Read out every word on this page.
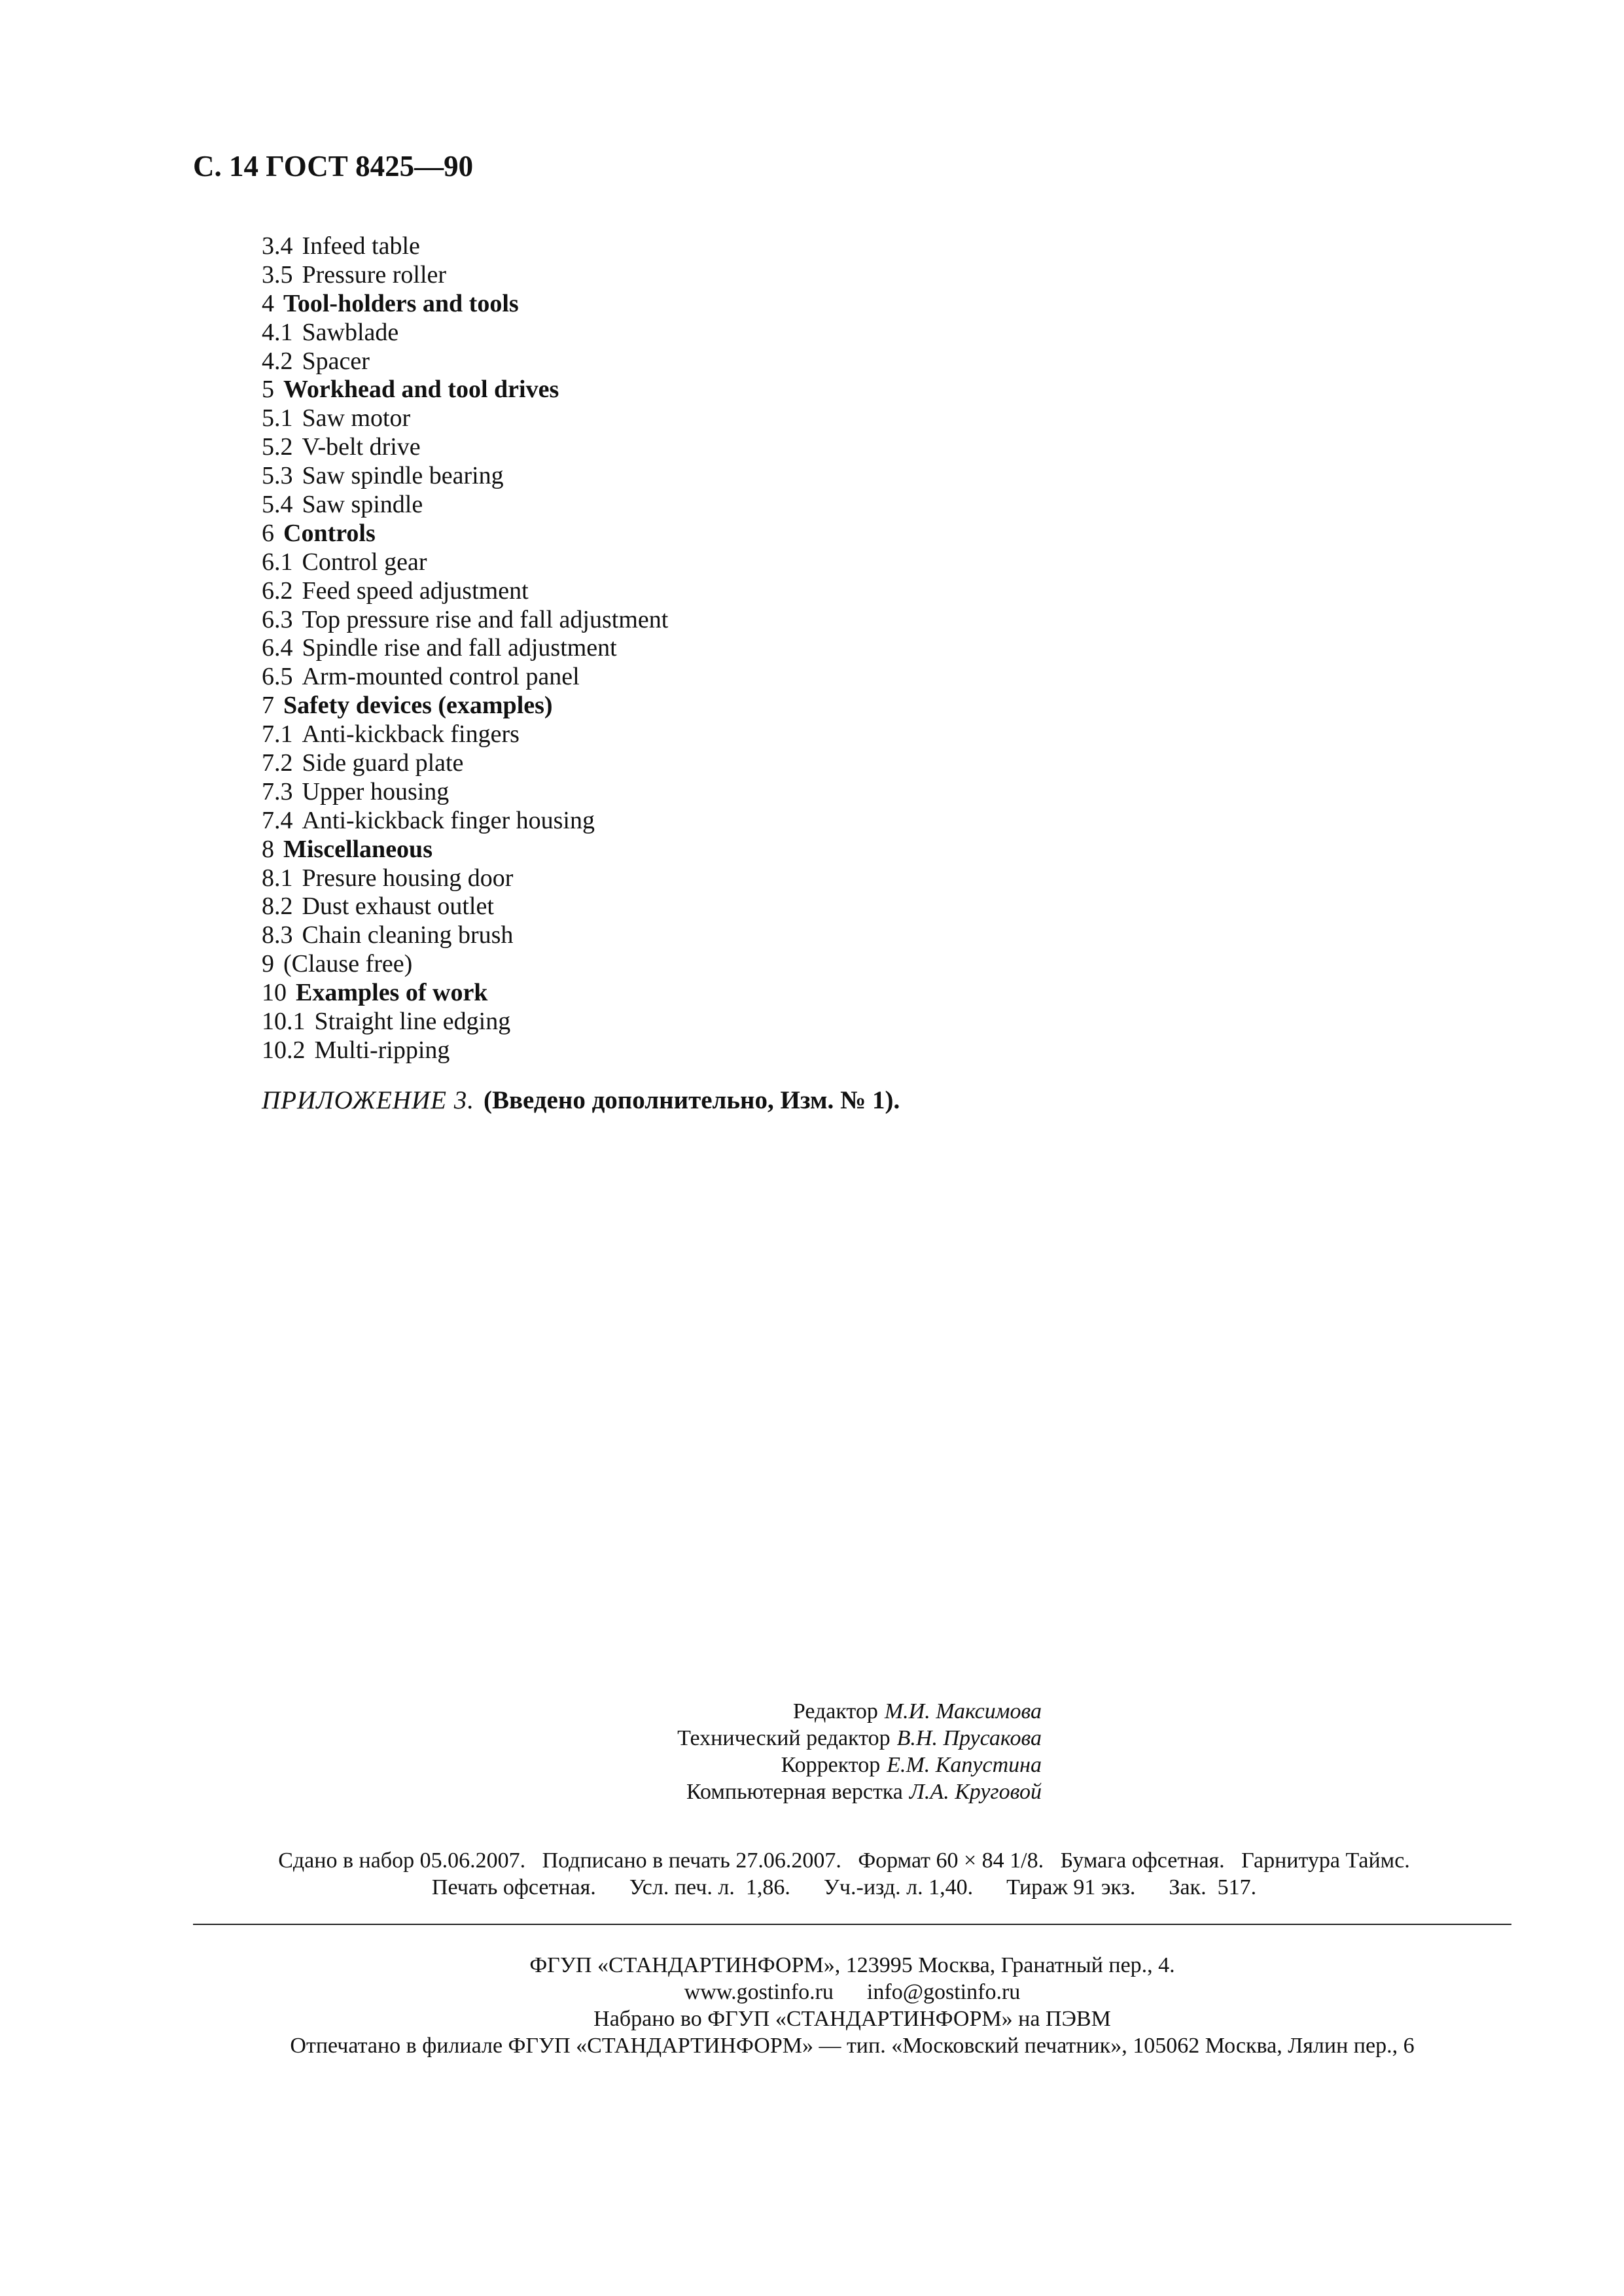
С. 14 ГОСТ 8425—90
3.4 Infeed table
3.5 Pressure roller
4 Tool-holders and tools
4.1 Sawblade
4.2 Spacer
5 Workhead and tool drives
5.1 Saw motor
5.2 V-belt drive
5.3 Saw spindle bearing
5.4 Saw spindle
6 Controls
6.1 Control gear
6.2 Feed speed adjustment
6.3 Top pressure rise and fall adjustment
6.4 Spindle rise and fall adjustment
6.5 Arm-mounted control panel
7 Safety devices (examples)
7.1 Anti-kickback fingers
7.2 Side guard plate
7.3 Upper housing
7.4 Anti-kickback finger housing
8 Miscellaneous
8.1 Presure housing door
8.2 Dust exhaust outlet
8.3 Chain cleaning brush
9 (Clause free)
10 Examples of work
10.1 Straight line edging
10.2 Multi-ripping
ПРИЛОЖЕНИЕ 3. (Введено дополнительно, Изм. № 1).
Редактор М.И. Максимова
Технический редактор В.Н. Прусакова
Корректор Е.М. Капустина
Компьютерная верстка Л.А. Круговой
Сдано в набор 05.06.2007.   Подписано в печать 27.06.2007.   Формат 60 × 84 1/8.   Бумага офсетная.   Гарнитура Таймс.
Печать офсетная.      Усл. печ. л.  1,86.      Уч.-изд. л. 1,40.      Тираж 91 экз.      Зак.  517.
ФГУП «СТАНДАРТИНФОРМ», 123995 Москва, Гранатный пер., 4.
www.gostinfo.ru      info@gostinfo.ru
Набрано во ФГУП «СТАНДАРТИНФОРМ» на ПЭВМ
Отпечатано в филиале ФГУП «СТАНДАРТИНФОРМ» — тип. «Московский печатник», 105062 Москва, Лялин пер., 6
